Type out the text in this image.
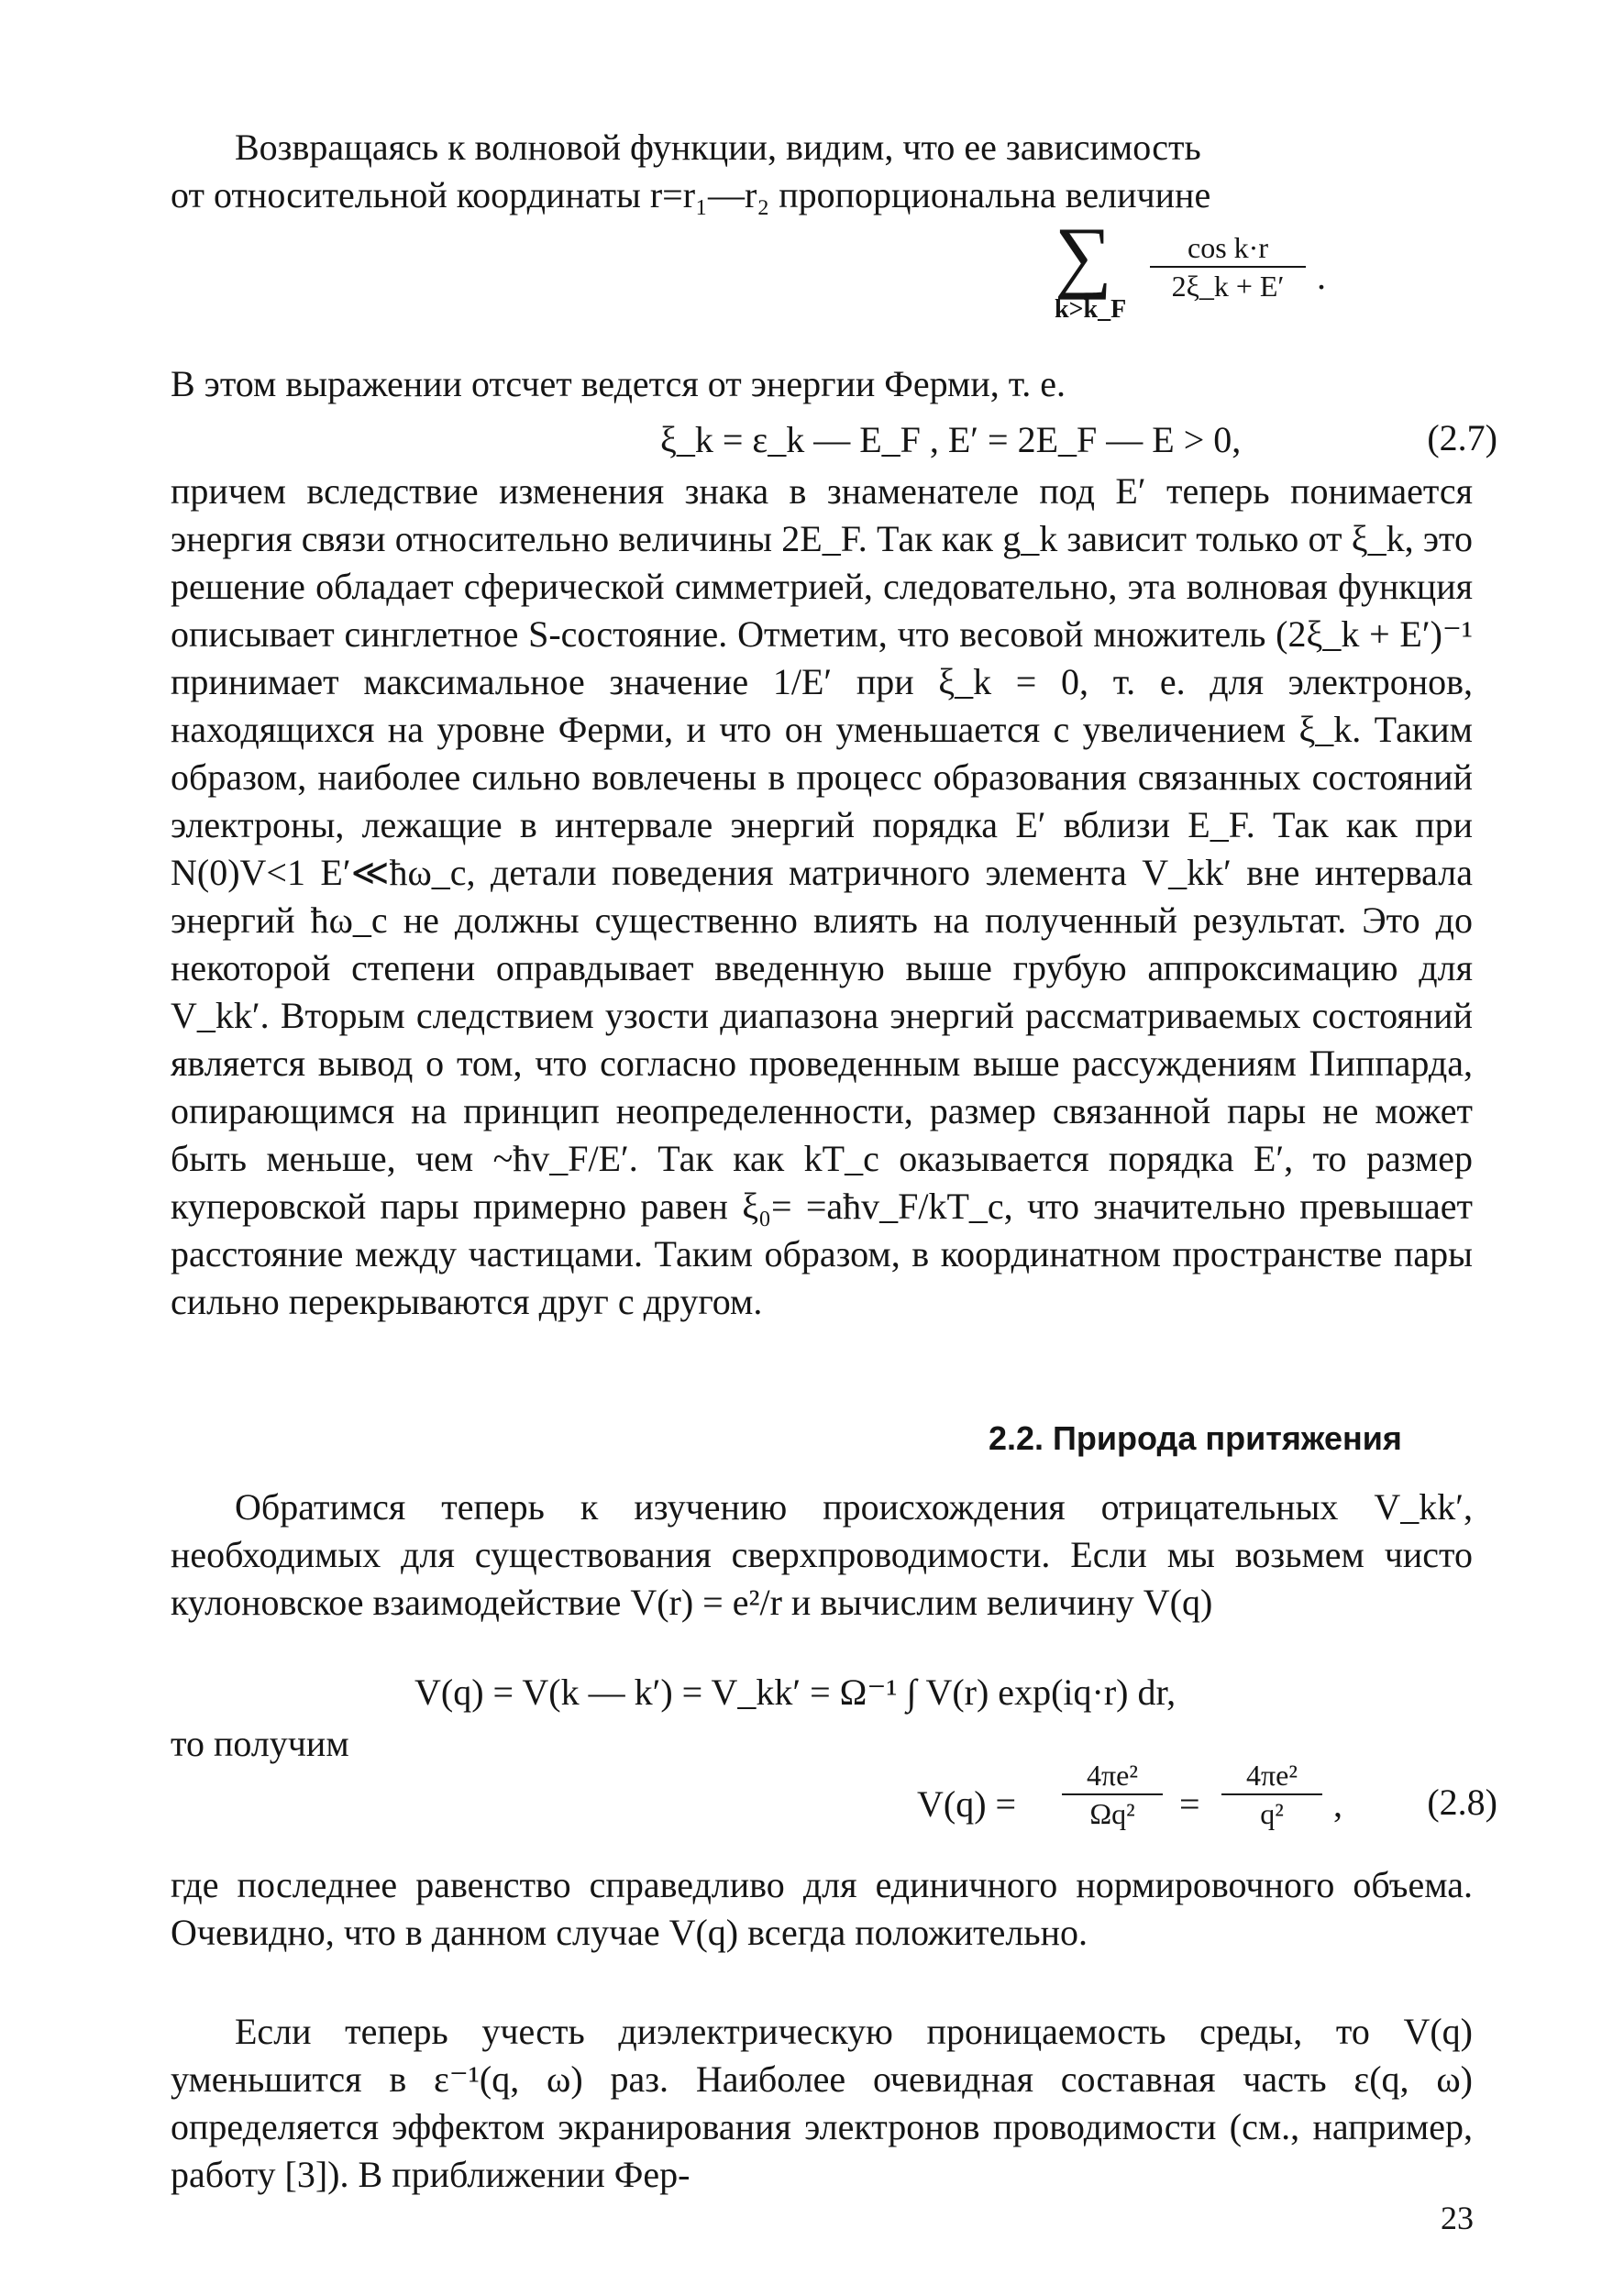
Возвращаясь к волновой функции, видим, что ее зависимость

от относительной координаты r=r₁—r₂ пропорциональна величине

∑
k>k_F
$\frac{\text{cos k·r}}{2\xi\_k + E'}$ .

В этом выражении отсчет ведется от энергии Ферми, т. е.

ξ_k = ε_k — E_F , E′ = 2E_F — E > 0,	(2.7)

причем вследствие изменения знака в знаменателе под E′ теперь понимается энергия связи относительно величины 2E_F. Так как g_k зависит только от ξ_k, это решение обладает сферической симметрией, следовательно, эта волновая функция описывает синглетное S-состояние. Отметим, что весовой множитель (2ξ_k + E′)⁻¹ принимает максимальное значение 1/E′ при ξ_k = 0, т. е. для электронов, находящихся на уровне Ферми, и что он уменьшается с увеличением ξ_k. Таким образом, наиболее сильно вовлечены в процесс образования связанных состояний электроны, лежащие в интервале энергий порядка E′ вблизи E_F. Так как при N(0)V<1 E′≪ħω_c, детали поведения матричного элемента V_kk′ вне интервала энергий ħω_c не должны существенно влиять на полученный результат. Это до некоторой степени оправдывает введенную выше грубую аппроксимацию для V_kk′. Вторым следствием узости диапазона энергий рассматриваемых состояний является вывод о том, что согласно проведенным выше рассуждениям Пиппарда, опирающимся на принцип неопределенности, размер связанной пары не может быть меньше, чем ~ħv_F/E′. Так как kT_c оказывается порядка E′, то размер куперовской пары примерно равен ξ₀= =aħv_F/kT_c, что значительно превышает расстояние между частицами. Таким образом, в координатном пространстве пары сильно перекрываются друг с другом.

2.2. Природа притяжения

Обратимся теперь к изучению происхождения отрицательных V_kk′, необходимых для существования сверхпроводимости. Если мы возьмем чисто кулоновское взаимодействие V(r) = e²/r и вычислим величину V(q)

V(q) = V(k — k′) = V_kk′ = Ω⁻¹ ∫ V(r) exp(iq·r) dr,
то получим
$V(q) = \frac{\text{4πe²}}{\text{Ωq²}} = \frac{\text{4πe²}}{\text{q²}}$ , (2.8)

где последнее равенство справедливо для единичного нормировочного объема. Очевидно, что в данном случае V(q) всегда положительно.

Если теперь учесть диэлектрическую проницаемость среды, то V(q) уменьшится в ε⁻¹(q, ω) раз. Наиболее очевидная составная часть ε(q, ω) определяется эффектом экранирования электронов проводимости (см., например, работу [3]). В приближении Фер-

23
